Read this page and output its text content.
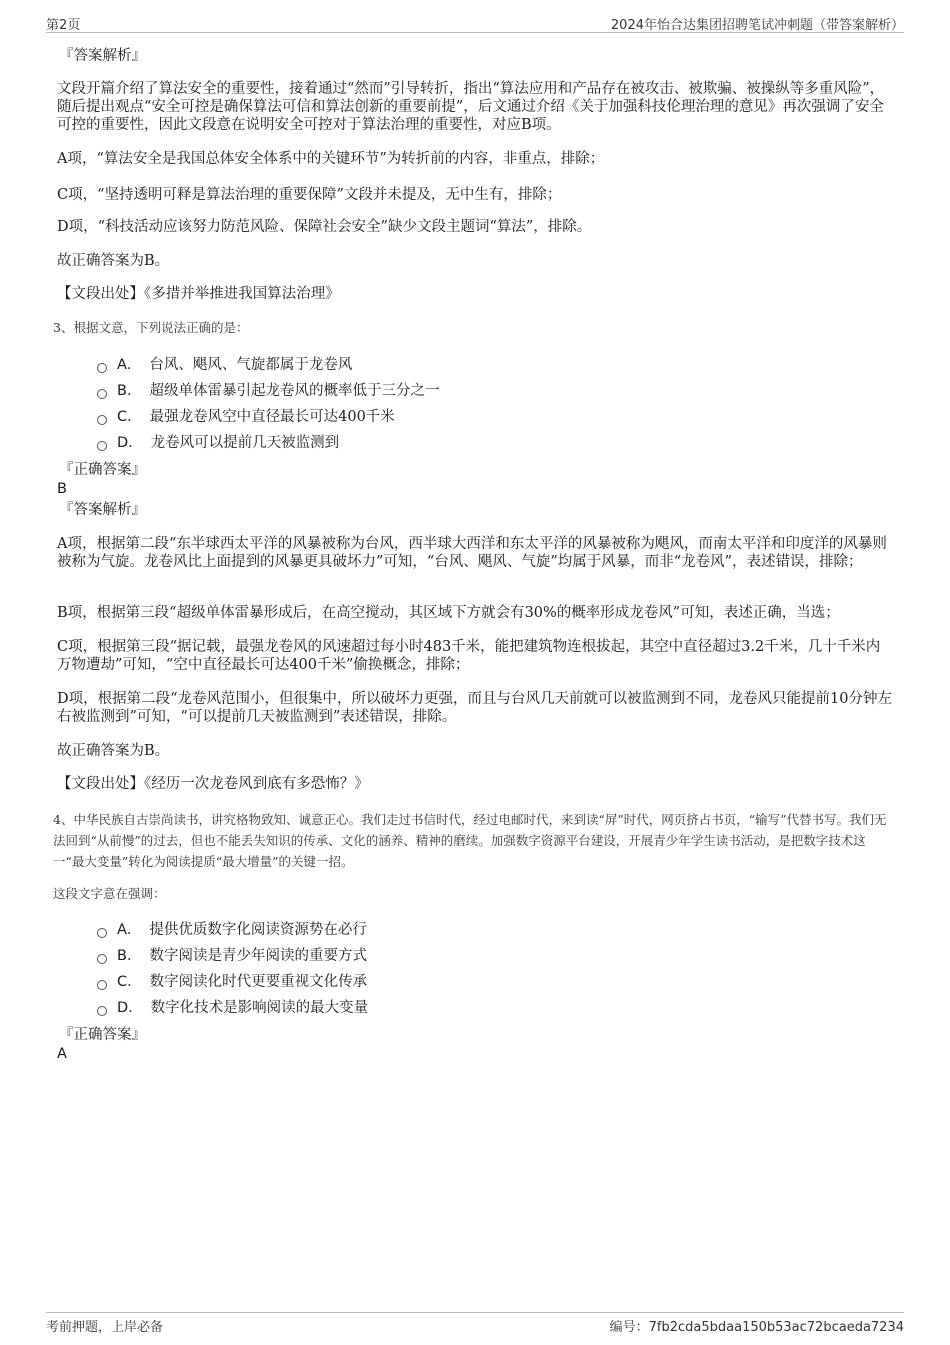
第2页	2024年怡合达集团招聘笔试冲刺题（带答案解析）
『答案解析』

文段开篇介绍了算法安全的重要性，接着通过“然而”引导转折，指出“算法应用和产品存在被攻击、被欺骗、被操纵等多重风险”，随后提出观点“安全可控是确保算法可信和算法创新的重要前提”，后文通过介绍《关于加强科技伦理治理的意见》再次强调了安全可控的重要性，因此文段意在说明安全可控对于算法治理的重要性，对应B项。

A项，“算法安全是我国总体安全体系中的关键环节”为转折前的内容，非重点，排除；

C项，“坚持透明可释是算法治理的重要保障”文段并未提及，无中生有，排除；

D项，“科技活动应该努力防范风险、保障社会安全”缺少文段主题词“算法”，排除。

故正确答案为B。

【文段出处】《多措并举推进我国算法治理》

3、根据文意，下列说法正确的是：
A． 台风、飓风、气旋都属于龙卷风
B． 超级单体雷暴引起龙卷风的概率低于三分之一
C． 最强龙卷风空中直径最长可达400千米
D． 龙卷风可以提前几天被监测到
『正确答案』
B
『答案解析』

A项，根据第二段“东半球西太平洋的风暴被称为台风，西半球大西洋和东太平洋的风暴被称为飓风，而南太平洋和印度洋的风暴则被称为气旋。龙卷风比上面提到的风暴更具破坏力”可知，“台风、飓风、气旋”均属于风暴，而非“龙卷风”，表述错误，排除；

B项，根据第三段“超级单体雷暴形成后，在高空搅动，其区域下方就会有30%的概率形成龙卷风”可知，表述正确，当选；

C项，根据第三段“据记载，最强龙卷风的风速超过每小时483千米，能把建筑物连根拔起，其空中直径超过3.2千米，几十千米内万物遭劫”可知，“空中直径最长可达400千米”偷换概念，排除；

D项，根据第二段“龙卷风范围小，但很集中，所以破坏力更强，而且与台风几天前就可以被监测到不同，龙卷风只能提前10分钟左右被监测到”可知，“可以提前几天被监测到”表述错误，排除。

故正确答案为B。

【文段出处】《经历一次龙卷风到底有多恐怖？》

4、中华民族自古崇尚读书，讲究格物致知、诚意正心。我们走过书信时代，经过电邮时代，来到读“屏”时代，网页挤占书页，“输写”代替书写。我们无法回到“从前慢”的过去，但也不能丢失知识的传承、文化的涵养、精神的磨续。加强数字资源平台建设，开展青少年学生读书活动，是把数字技术这一“最大变量”转化为阅读提质“最大增量”的关键一招。
这段文字意在强调：
A． 提供优质数字化阅读资源势在必行
B． 数字阅读是青少年阅读的重要方式
C． 数字阅读化时代更要重视文化传承
D． 数字化技术是影响阅读的最大变量
『正确答案』
A
考前押题，上岸必备	编号：7fb2cda5bdaa150b53ac72bcaeda7234
